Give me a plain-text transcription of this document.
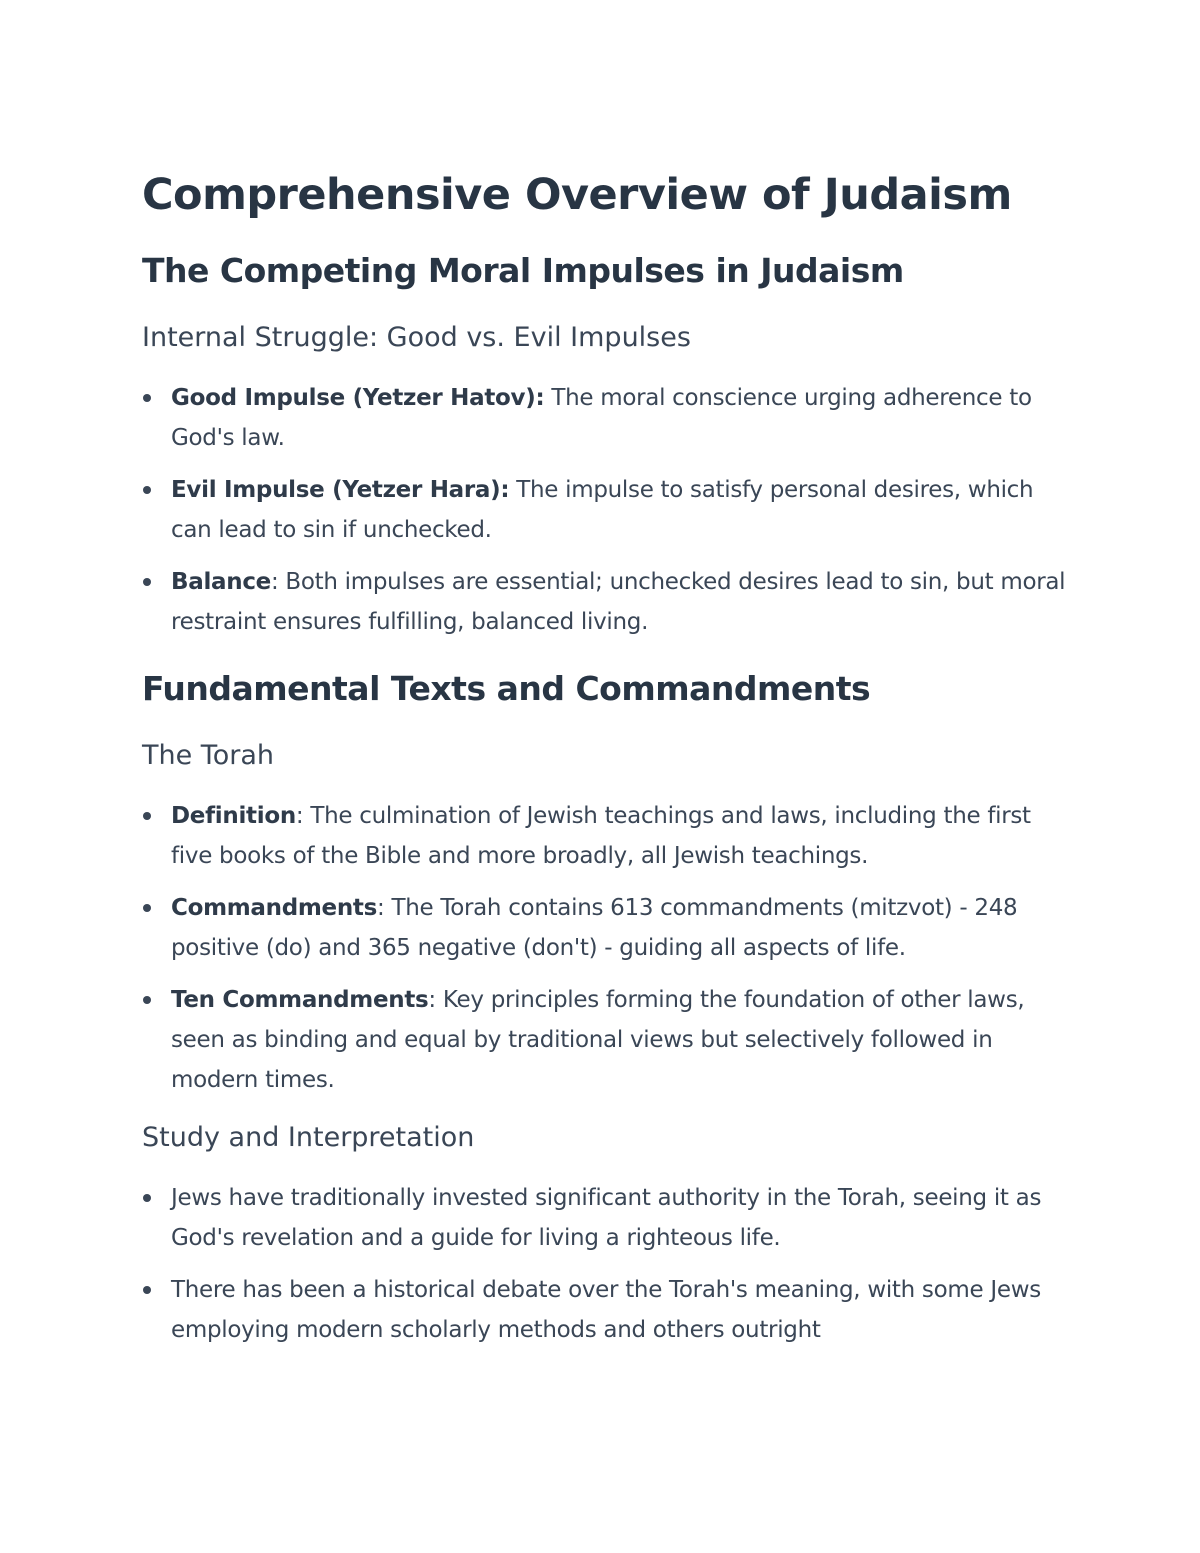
Comprehensive Overview of Judaism
The Competing Moral Impulses in Judaism
Internal Struggle: Good vs. Evil Impulses
Good Impulse (Yetzer Hatov): The moral conscience urging adherence to God's law.
Evil Impulse (Yetzer Hara): The impulse to satisfy personal desires, which can lead to sin if unchecked.
Balance: Both impulses are essential; unchecked desires lead to sin, but moral restraint ensures fulfilling, balanced living.
Fundamental Texts and Commandments
The Torah
Definition: The culmination of Jewish teachings and laws, including the first five books of the Bible and more broadly, all Jewish teachings.
Commandments: The Torah contains 613 commandments (mitzvot) - 248 positive (do) and 365 negative (don't) - guiding all aspects of life.
Ten Commandments: Key principles forming the foundation of other laws, seen as binding and equal by traditional views but selectively followed in modern times.
Study and Interpretation
Jews have traditionally invested significant authority in the Torah, seeing it as God's revelation and a guide for living a righteous life.
There has been a historical debate over the Torah's meaning, with some Jews employing modern scholarly methods and others outright
